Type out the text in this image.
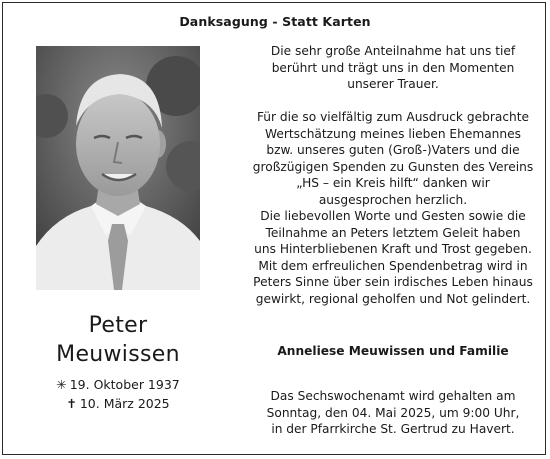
Danksagung - Statt Karten
Peter
Meuwissen
✳ 19. Oktober 1937
✝ 10. März 2025
Die sehr große Anteilnahme hat uns tief
berührt und trägt uns in den Momenten
unserer Trauer.
Für die so vielfältig zum Ausdruck gebrachte
Wertschätzung meines lieben Ehemannes
bzw. unseres guten (Groß-)Vaters und die
großzügigen Spenden zu Gunsten des Vereins
„HS – ein Kreis hilft“ danken wir
ausgesprochen herzlich.
Die liebevollen Worte und Gesten sowie die
Teilnahme an Peters letztem Geleit haben
uns Hinterbliebenen Kraft und Trost gegeben.
Mit dem erfreulichen Spendenbetrag wird in
Peters Sinne über sein irdisches Leben hinaus
gewirkt, regional geholfen und Not gelindert.
Anneliese Meuwissen und Familie
Das Sechswochenamt wird gehalten am
Sonntag, den 04. Mai 2025, um 9:00 Uhr,
in der Pfarrkirche St. Gertrud zu Havert.
